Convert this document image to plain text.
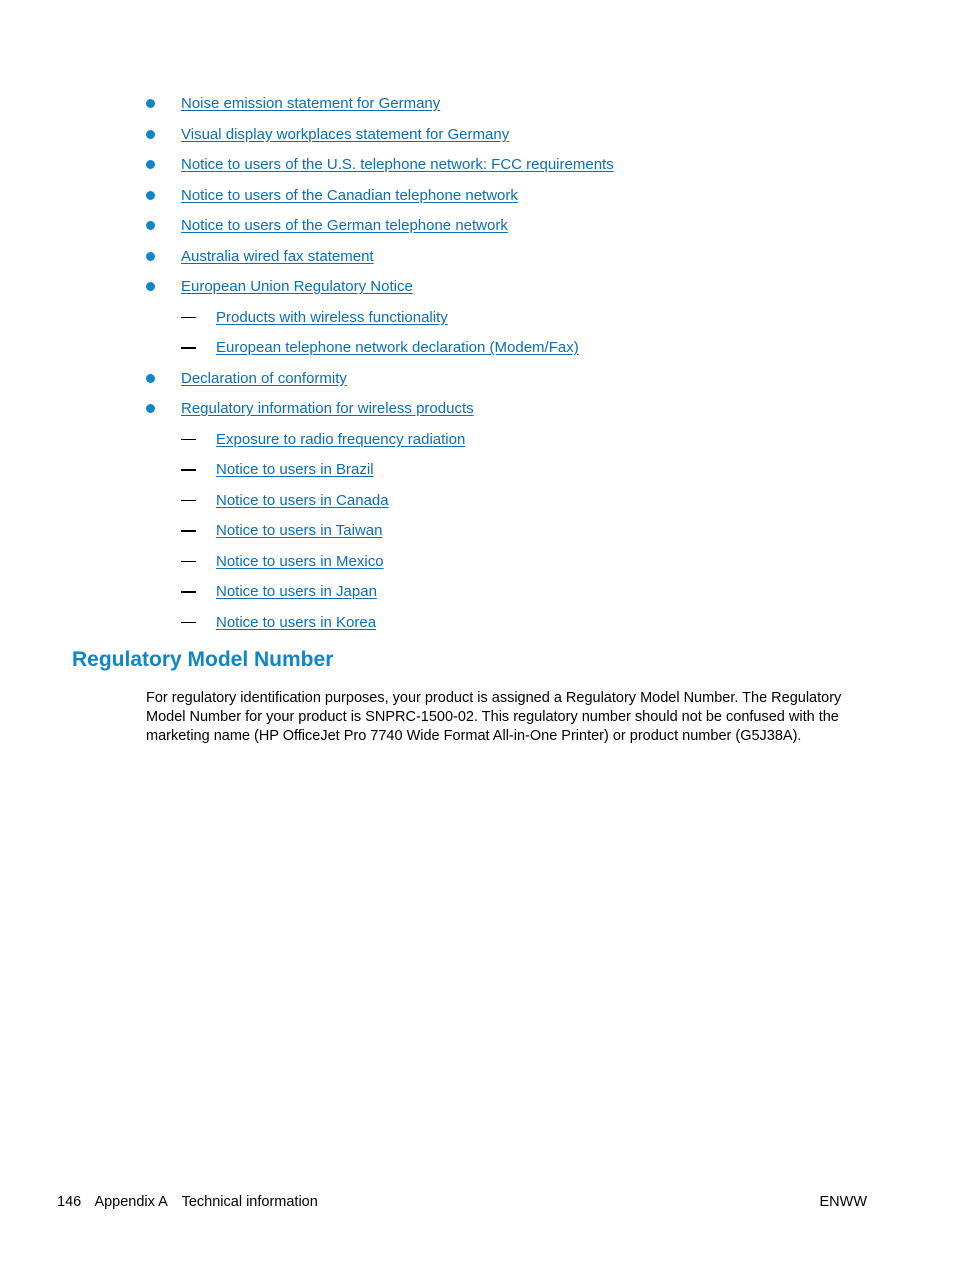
Noise emission statement for Germany
Visual display workplaces statement for Germany
Notice to users of the U.S. telephone network: FCC requirements
Notice to users of the Canadian telephone network
Notice to users of the German telephone network
Australia wired fax statement
European Union Regulatory Notice
Products with wireless functionality
European telephone network declaration (Modem/Fax)
Declaration of conformity
Regulatory information for wireless products
Exposure to radio frequency radiation
Notice to users in Brazil
Notice to users in Canada
Notice to users in Taiwan
Notice to users in Mexico
Notice to users in Japan
Notice to users in Korea
Regulatory Model Number

For regulatory identification purposes, your product is assigned a Regulatory Model Number. The Regulatory Model Number for your product is SNPRC-1500-02. This regulatory number should not be confused with the marketing name (HP OfficeJet Pro 7740 Wide Format All-in-One Printer) or product number (G5J38A).

146 Appendix A Technical information	ENWW
